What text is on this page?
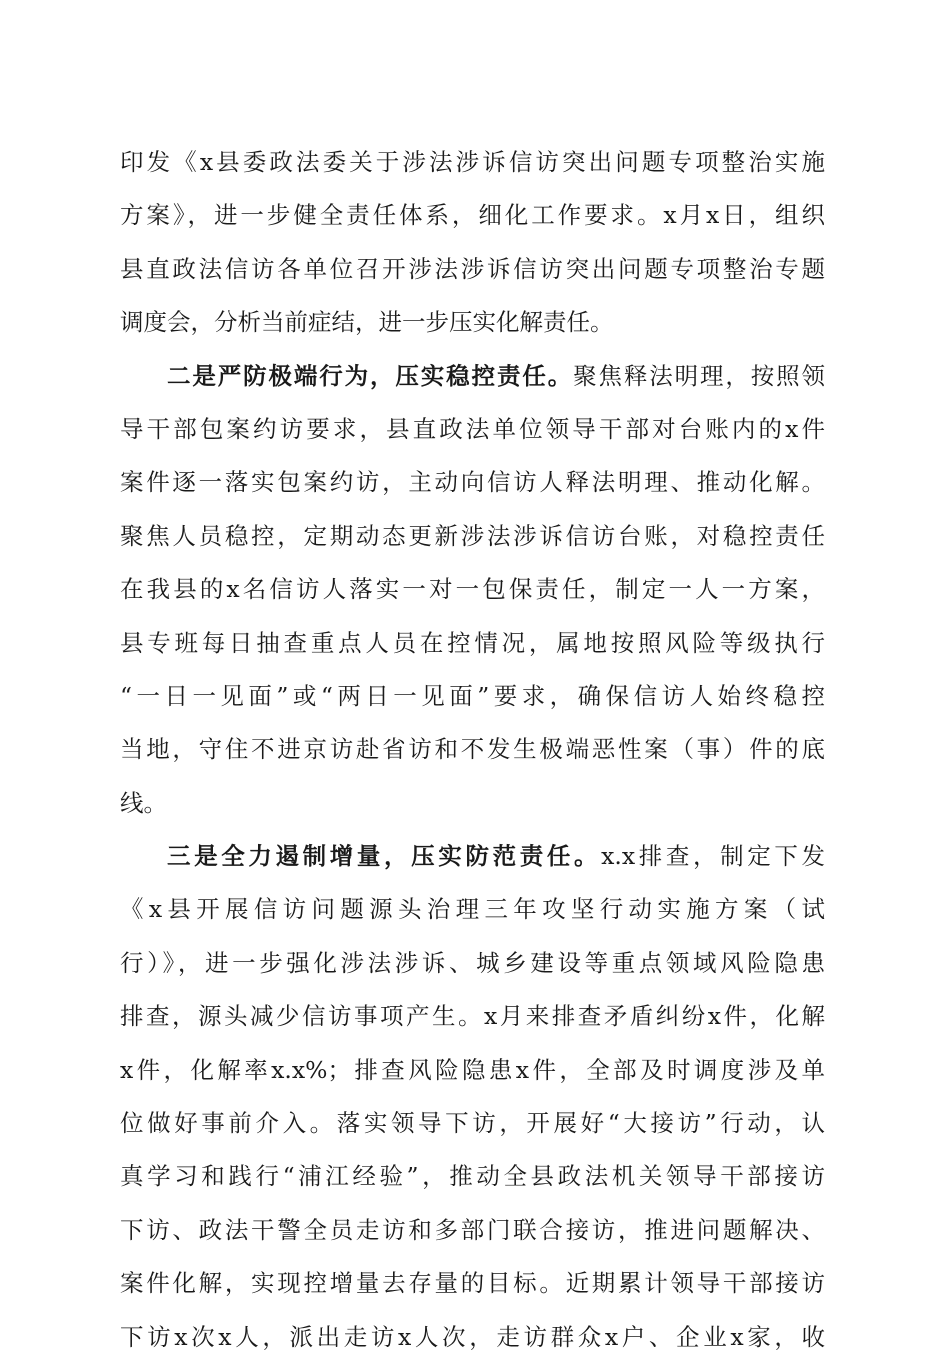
印发《x县委政法委关于涉法涉诉信访突出问题专项整治实施
方案》，进一步健全责任体系，细化工作要求。x月x日，组织
县直政法信访各单位召开涉法涉诉信访突出问题专项整治专题
调度会，分析当前症结，进一步压实化解责任。
二是严防极端行为，压实稳控责任。聚焦释法明理，按照领
导干部包案约访要求，县直政法单位领导干部对台账内的x件
案件逐一落实包案约访，主动向信访人释法明理、推动化解。
聚焦人员稳控，定期动态更新涉法涉诉信访台账，对稳控责任
在我县的x名信访人落实一对一包保责任，制定一人一方案，
县专班每日抽查重点人员在控情况，属地按照风险等级执行
“一日一见面”或“两日一见面”要求，确保信访人始终稳控
当地，守住不进京访赴省访和不发生极端恶性案（事）件的底
线。
三是全力遏制增量，压实防范责任。x.x排查，制定下发
《x县开展信访问题源头治理三年攻坚行动实施方案（试
行）》，进一步强化涉法涉诉、城乡建设等重点领域风险隐患
排查，源头减少信访事项产生。x月来排查矛盾纠纷x件，化解
x件，化解率x.x%；排查风险隐患x件，全部及时调度涉及单
位做好事前介入。落实领导下访，开展好“大接访”行动，认
真学习和践行“浦江经验”，推动全县政法机关领导干部接访
下访、政法干警全员走访和多部门联合接访，推进问题解决、
案件化解，实现控增量去存量的目标。近期累计领导干部接访
下访x次x人，派出走访x人次，走访群众x户、企业x家，收
